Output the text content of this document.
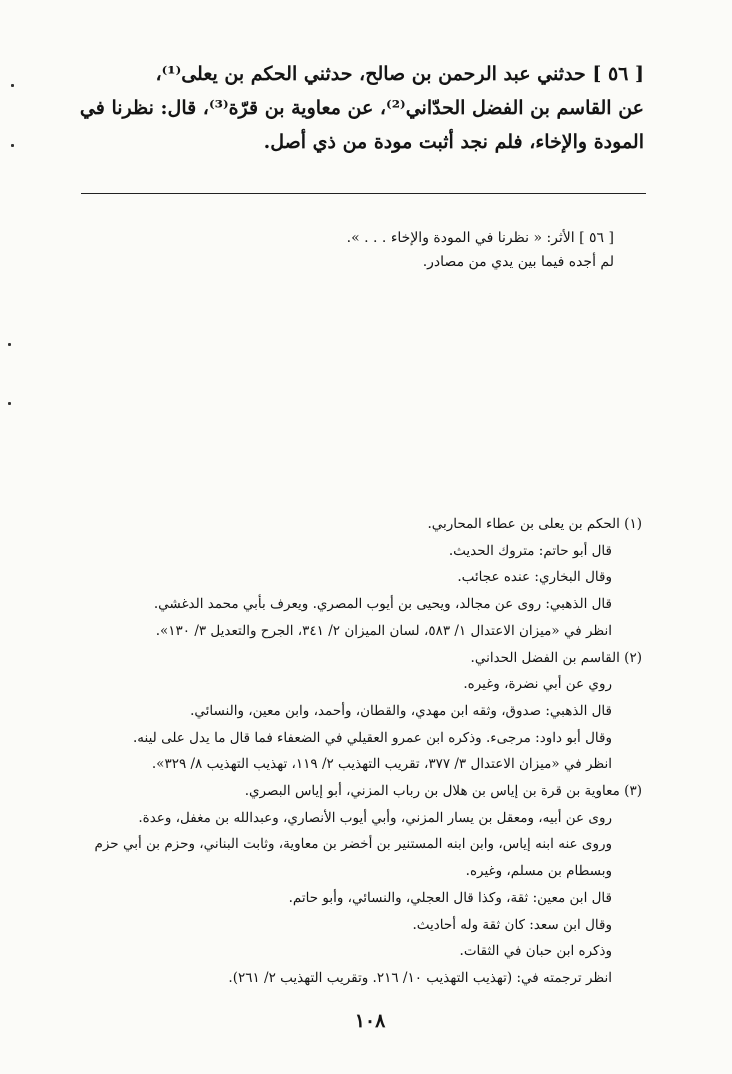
[ ٥٦ ] حدثني عبد الرحمن بن صالح، حدثني الحكم بن يعلى⁽¹⁾،
عن القاسم بن الفضل الحدّاني⁽²⁾، عن معاوية بن قرّة⁽³⁾، قال: نظرنا في
المودة والإخاء، فلم نجد أثبت مودة من ذي أصل.
[ ٥٦ ] الأثر: « نظرنا في المودة والإخاء . . . ».
لم أجده فيما بين يدي من مصادر.
(١) الحكم بن يعلى بن عطاء المحاربي.
قال أبو حاتم: متروك الحديث.
وقال البخاري: عنده عجائب.
قال الذهبي: روى عن مجالد، ويحيى بن أيوب المصري. ويعرف بأبي محمد الدغشي.
انظر في «ميزان الاعتدال ١/ ٥٨٣، لسان الميزان ٢/ ٣٤١، الجرح والتعديل ٣/ ١٣٠».
(٢) القاسم بن الفضل الحداني.
روي عن أبي نضرة، وغيره.
قال الذهبي: صدوق، وثقه ابن مهدي، والقطان، وأحمد، وابن معين، والنسائي.
وقال أبو داود: مرجىء. وذكره ابن عمرو العقيلي في الضعفاء فما قال ما يدل على لينه.
انظر في «ميزان الاعتدال ٣/ ٣٧٧، تقريب التهذيب ٢/ ١١٩، تهذيب التهذيب ٨/ ٣٢٩».
(٣) معاوية بن قرة بن إياس بن هلال بن رباب المزني، أبو إياس البصري.
روى عن أبيه، ومعقل بن يسار المزني، وأبي أيوب الأنصاري، وعبدالله بن مغفل، وعدة.
وروى عنه ابنه إياس، وابن ابنه المستنير بن أخضر بن معاوية، وثابت البناني، وحزم بن أبي حزم
وبسطام بن مسلم، وغيره.
قال ابن معين: ثقة، وكذا قال العجلي، والنسائي، وأبو حاتم.
وقال ابن سعد: كان ثقة وله أحاديث.
وذكره ابن حبان في الثقات.
انظر ترجمته في: (تهذيب التهذيب ١٠/ ٢١٦. وتقريب التهذيب ٢/ ٢٦١).
١٠٨
